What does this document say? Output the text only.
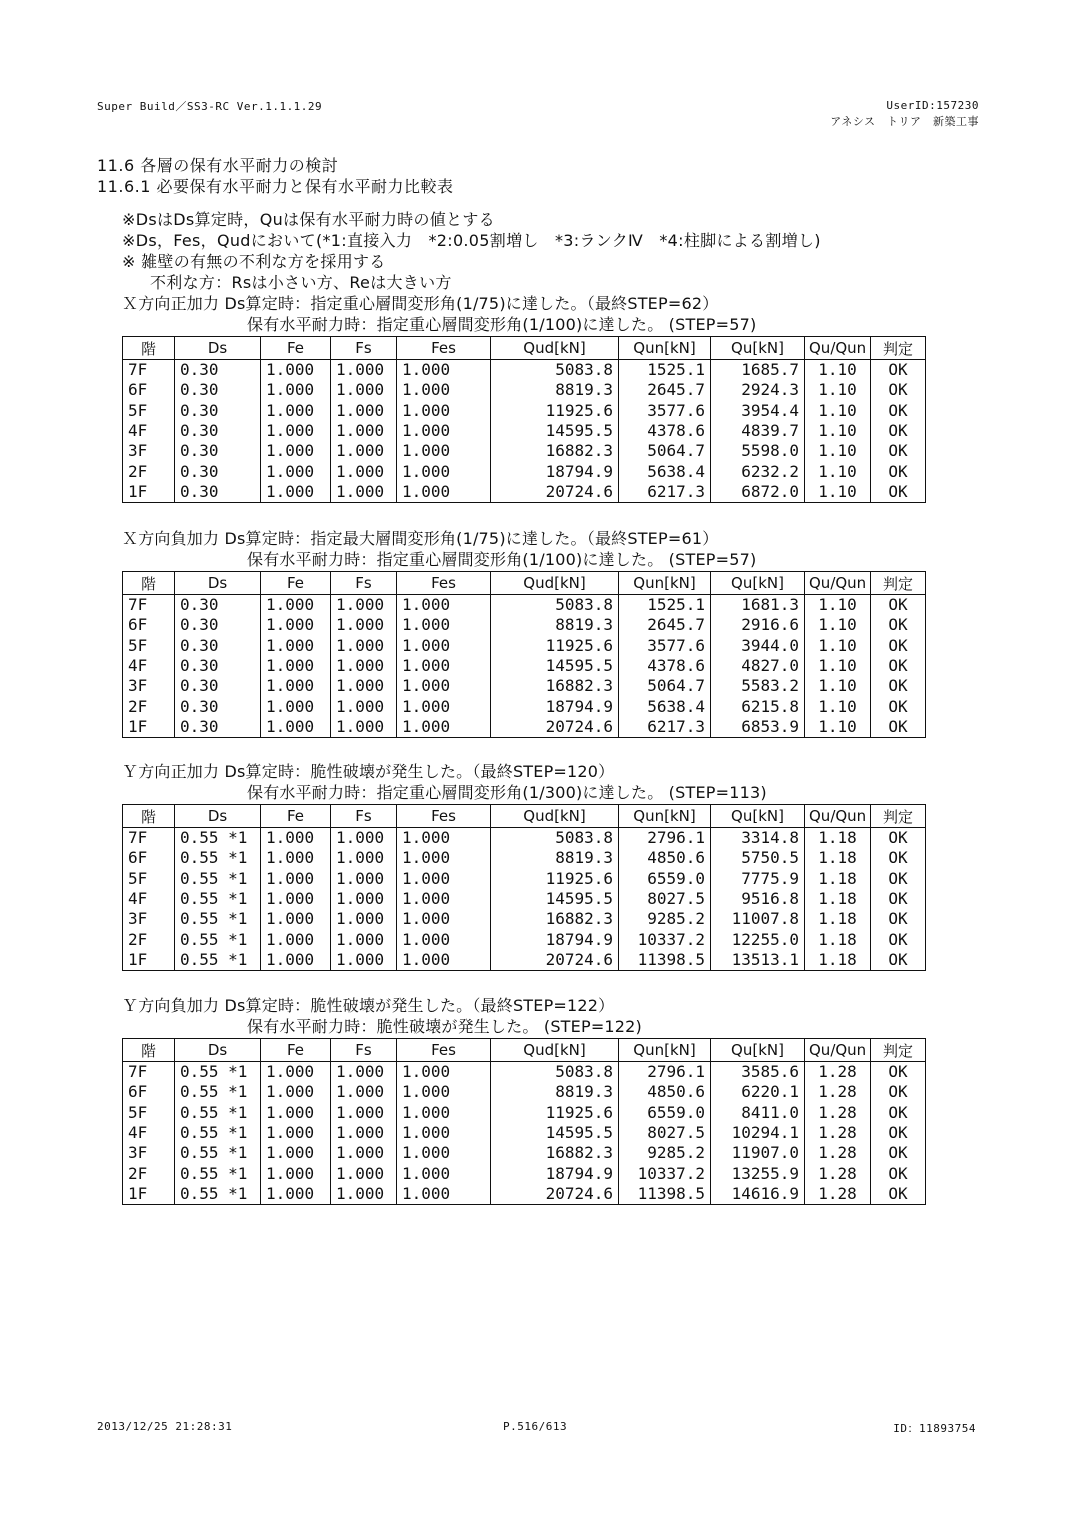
Super Build／SS3-RC Ver.1.1.1.29	UserID:157230
アネシス　トリア　新築工事
11.6 各層の保有水平耐力の検討
11.6.1 必要保有水平耐力と保有水平耐力比較表
※DsはDs算定時，Quは保有水平耐力時の値とする
※Ds，Fes，Qudにおいて(*1:直接入力　*2:0.05割増し　*3:ランクⅣ　*4:柱脚による割増し)
※ 雑壁の有無の不利な方を採用する
不利な方：Rsは小さい方、Reは大きい方
Ｘ方向正加力 Ds算定時：指定重心層間変形角(1/75)に達した。（最終STEP=62）
保有水平耐力時：指定重心層間変形角(1/100)に達した。 (STEP=57)
階	Ds	Fe	Fs	Fes	Qud[kN]	Qun[kN]	Qu[kN]	Qu/Qun	判定
7F	0.30	1.000	1.000	1.000	5083.8	1525.1	1685.7	1.10	OK
6F	0.30	1.000	1.000	1.000	8819.3	2645.7	2924.3	1.10	OK
5F	0.30	1.000	1.000	1.000	11925.6	3577.6	3954.4	1.10	OK
4F	0.30	1.000	1.000	1.000	14595.5	4378.6	4839.7	1.10	OK
3F	0.30	1.000	1.000	1.000	16882.3	5064.7	5598.0	1.10	OK
2F	0.30	1.000	1.000	1.000	18794.9	5638.4	6232.2	1.10	OK
1F	0.30	1.000	1.000	1.000	20724.6	6217.3	6872.0	1.10	OK
Ｘ方向負加力 Ds算定時：指定最大層間変形角(1/75)に達した。（最終STEP=61）
保有水平耐力時：指定重心層間変形角(1/100)に達した。 (STEP=57)
階	Ds	Fe	Fs	Fes	Qud[kN]	Qun[kN]	Qu[kN]	Qu/Qun	判定
7F	0.30	1.000	1.000	1.000	5083.8	1525.1	1681.3	1.10	OK
6F	0.30	1.000	1.000	1.000	8819.3	2645.7	2916.6	1.10	OK
5F	0.30	1.000	1.000	1.000	11925.6	3577.6	3944.0	1.10	OK
4F	0.30	1.000	1.000	1.000	14595.5	4378.6	4827.0	1.10	OK
3F	0.30	1.000	1.000	1.000	16882.3	5064.7	5583.2	1.10	OK
2F	0.30	1.000	1.000	1.000	18794.9	5638.4	6215.8	1.10	OK
1F	0.30	1.000	1.000	1.000	20724.6	6217.3	6853.9	1.10	OK
Ｙ方向正加力 Ds算定時：脆性破壊が発生した。（最終STEP=120）
保有水平耐力時：指定重心層間変形角(1/300)に達した。 (STEP=113)
階	Ds	Fe	Fs	Fes	Qud[kN]	Qun[kN]	Qu[kN]	Qu/Qun	判定
7F	0.55 *1	1.000	1.000	1.000	5083.8	2796.1	3314.8	1.18	OK
6F	0.55 *1	1.000	1.000	1.000	8819.3	4850.6	5750.5	1.18	OK
5F	0.55 *1	1.000	1.000	1.000	11925.6	6559.0	7775.9	1.18	OK
4F	0.55 *1	1.000	1.000	1.000	14595.5	8027.5	9516.8	1.18	OK
3F	0.55 *1	1.000	1.000	1.000	16882.3	9285.2	11007.8	1.18	OK
2F	0.55 *1	1.000	1.000	1.000	18794.9	10337.2	12255.0	1.18	OK
1F	0.55 *1	1.000	1.000	1.000	20724.6	11398.5	13513.1	1.18	OK
Ｙ方向負加力 Ds算定時：脆性破壊が発生した。（最終STEP=122）
保有水平耐力時：脆性破壊が発生した。 (STEP=122)
階	Ds	Fe	Fs	Fes	Qud[kN]	Qun[kN]	Qu[kN]	Qu/Qun	判定
7F	0.55 *1	1.000	1.000	1.000	5083.8	2796.1	3585.6	1.28	OK
6F	0.55 *1	1.000	1.000	1.000	8819.3	4850.6	6220.1	1.28	OK
5F	0.55 *1	1.000	1.000	1.000	11925.6	6559.0	8411.0	1.28	OK
4F	0.55 *1	1.000	1.000	1.000	14595.5	8027.5	10294.1	1.28	OK
3F	0.55 *1	1.000	1.000	1.000	16882.3	9285.2	11907.0	1.28	OK
2F	0.55 *1	1.000	1.000	1.000	18794.9	10337.2	13255.9	1.28	OK
1F	0.55 *1	1.000	1.000	1.000	20724.6	11398.5	14616.9	1.28	OK
2013/12/25 21:28:31	P.516/613	ID：11893754
